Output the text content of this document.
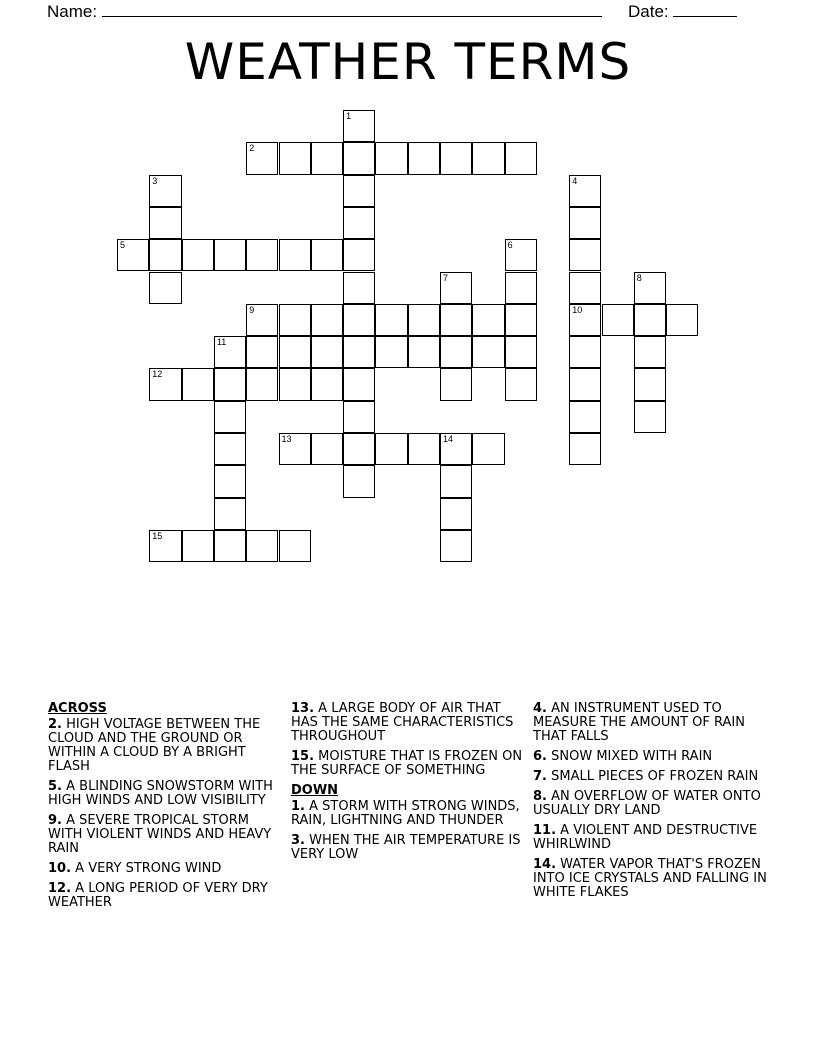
Name:	Date:
WEATHER TERMS
1
2
3	4
5	6
7	8
9	10
11
12
13	14
15
ACROSS
2. HIGH VOLTAGE BETWEEN THE CLOUD AND THE GROUND OR WITHIN A CLOUD BY A BRIGHT FLASH
5. A BLINDING SNOWSTORM WITH HIGH WINDS AND LOW VISIBILITY
9. A SEVERE TROPICAL STORM WITH VIOLENT WINDS AND HEAVY RAIN
10. A VERY STRONG WIND
12. A LONG PERIOD OF VERY DRY WEATHER
13. A LARGE BODY OF AIR THAT HAS THE SAME CHARACTERISTICS THROUGHOUT
15. MOISTURE THAT IS FROZEN ON THE SURFACE OF SOMETHING
DOWN
1. A STORM WITH STRONG WINDS, RAIN, LIGHTNING AND THUNDER
3. WHEN THE AIR TEMPERATURE IS VERY LOW
4. AN INSTRUMENT USED TO MEASURE THE AMOUNT OF RAIN THAT FALLS
6. SNOW MIXED WITH RAIN
7. SMALL PIECES OF FROZEN RAIN
8. AN OVERFLOW OF WATER ONTO USUALLY DRY LAND
11. A VIOLENT AND DESTRUCTIVE WHIRLWIND
14. WATER VAPOR THAT'S FROZEN INTO ICE CRYSTALS AND FALLING IN WHITE FLAKES
